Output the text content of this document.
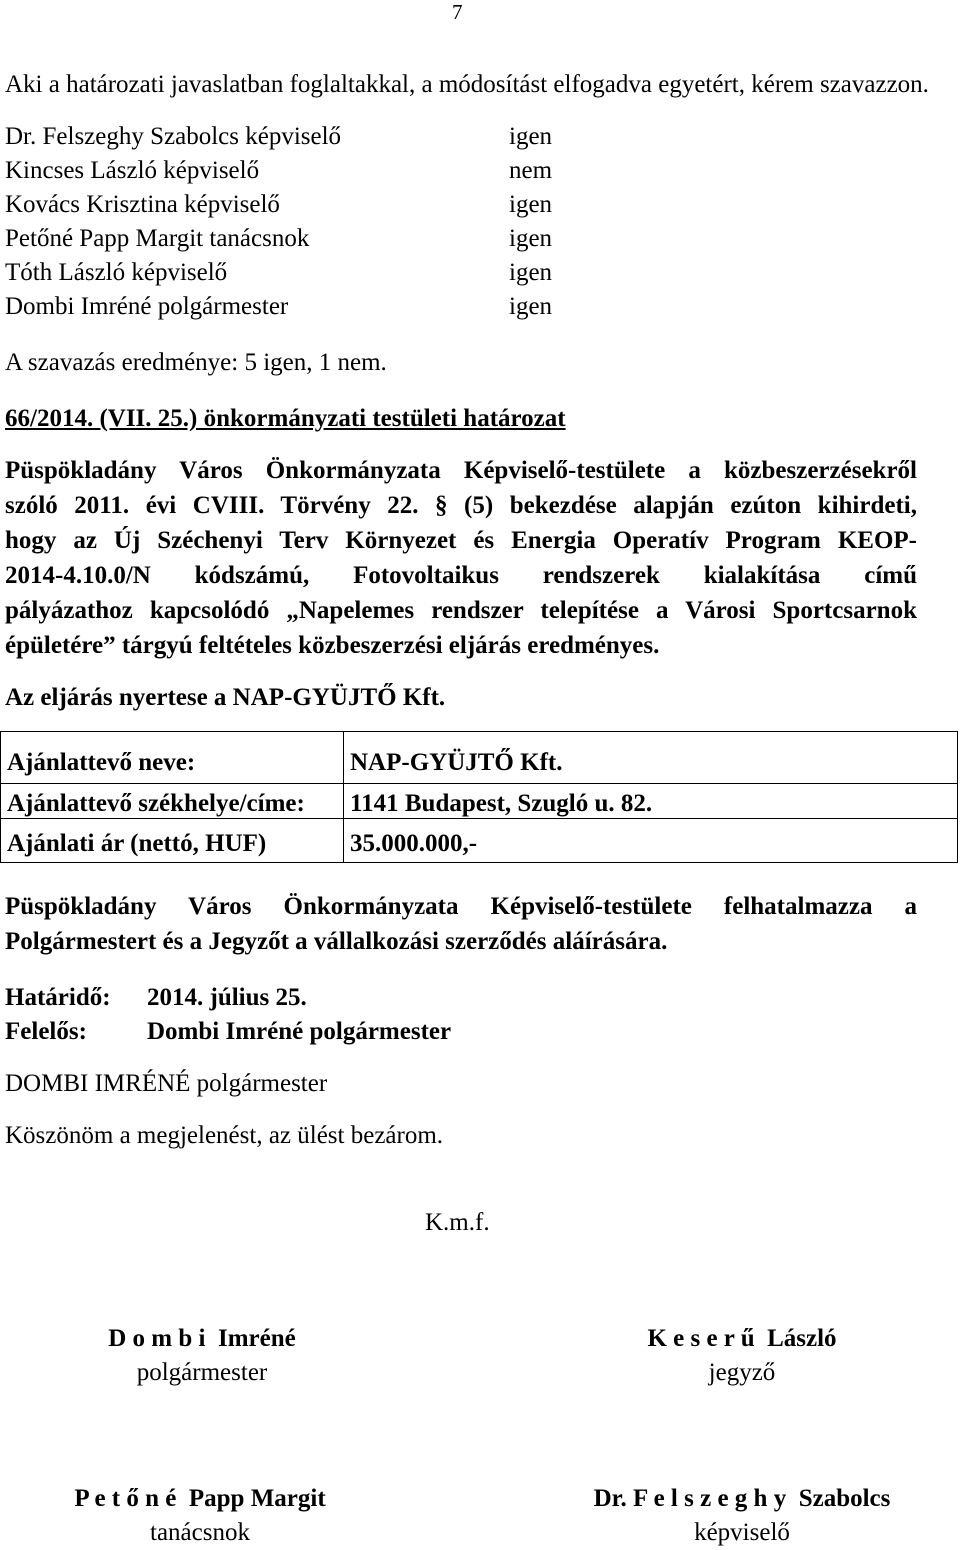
7
Aki a határozati javaslatban foglaltakkal, a módosítást elfogadva egyetért, kérem szavazzon.
Dr. Felszeghy Szabolcs képviselő	igen
Kincses László képviselő	nem
Kovács Krisztina képviselő	igen
Petőné Papp Margit tanácsnok	igen
Tóth László képviselő	igen
Dombi Imréné polgármester	igen
A szavazás eredménye: 5 igen, 1 nem.
66/2014. (VII. 25.) önkormányzati testületi határozat
Püspökladány Város Önkormányzata Képviselő-testülete a közbeszerzésekről
szóló 2011. évi CVIII. Törvény 22. § (5) bekezdése alapján ezúton kihirdeti,
hogy az Új Széchenyi Terv Környezet és Energia Operatív Program KEOP-
2014-4.10.0/N kódszámú, Fotovoltaikus rendszerek kialakítása című
pályázathoz kapcsolódó „Napelemes rendszer telepítése a Városi Sportcsarnok
épületére” tárgyú feltételes közbeszerzési eljárás eredményes.
Az eljárás nyertese a NAP-GYÜJTŐ Kft.
Ajánlattevő neve:	NAP-GYÜJTŐ Kft.
Ajánlattevő székhelye/címe:	1141 Budapest, Szugló u. 82.
Ajánlati ár (nettó, HUF)	35.000.000,-
Püspökladány Város Önkormányzata Képviselő-testülete felhatalmazza a
Polgármestert és a Jegyzőt a vállalkozási szerződés aláírására.
Határidő: 2014. július 25.
Felelős: Dombi Imréné polgármester
DOMBI IMRÉNÉ polgármester
Köszönöm a megjelenést, az ülést bezárom.
K.m.f.
D o m b i  Imréné
polgármester
K e s e r ű  László
jegyző
P e t ő n é  Papp Margit
tanácsnok
Dr. F e l s z e g h y  Szabolcs
képviselő
